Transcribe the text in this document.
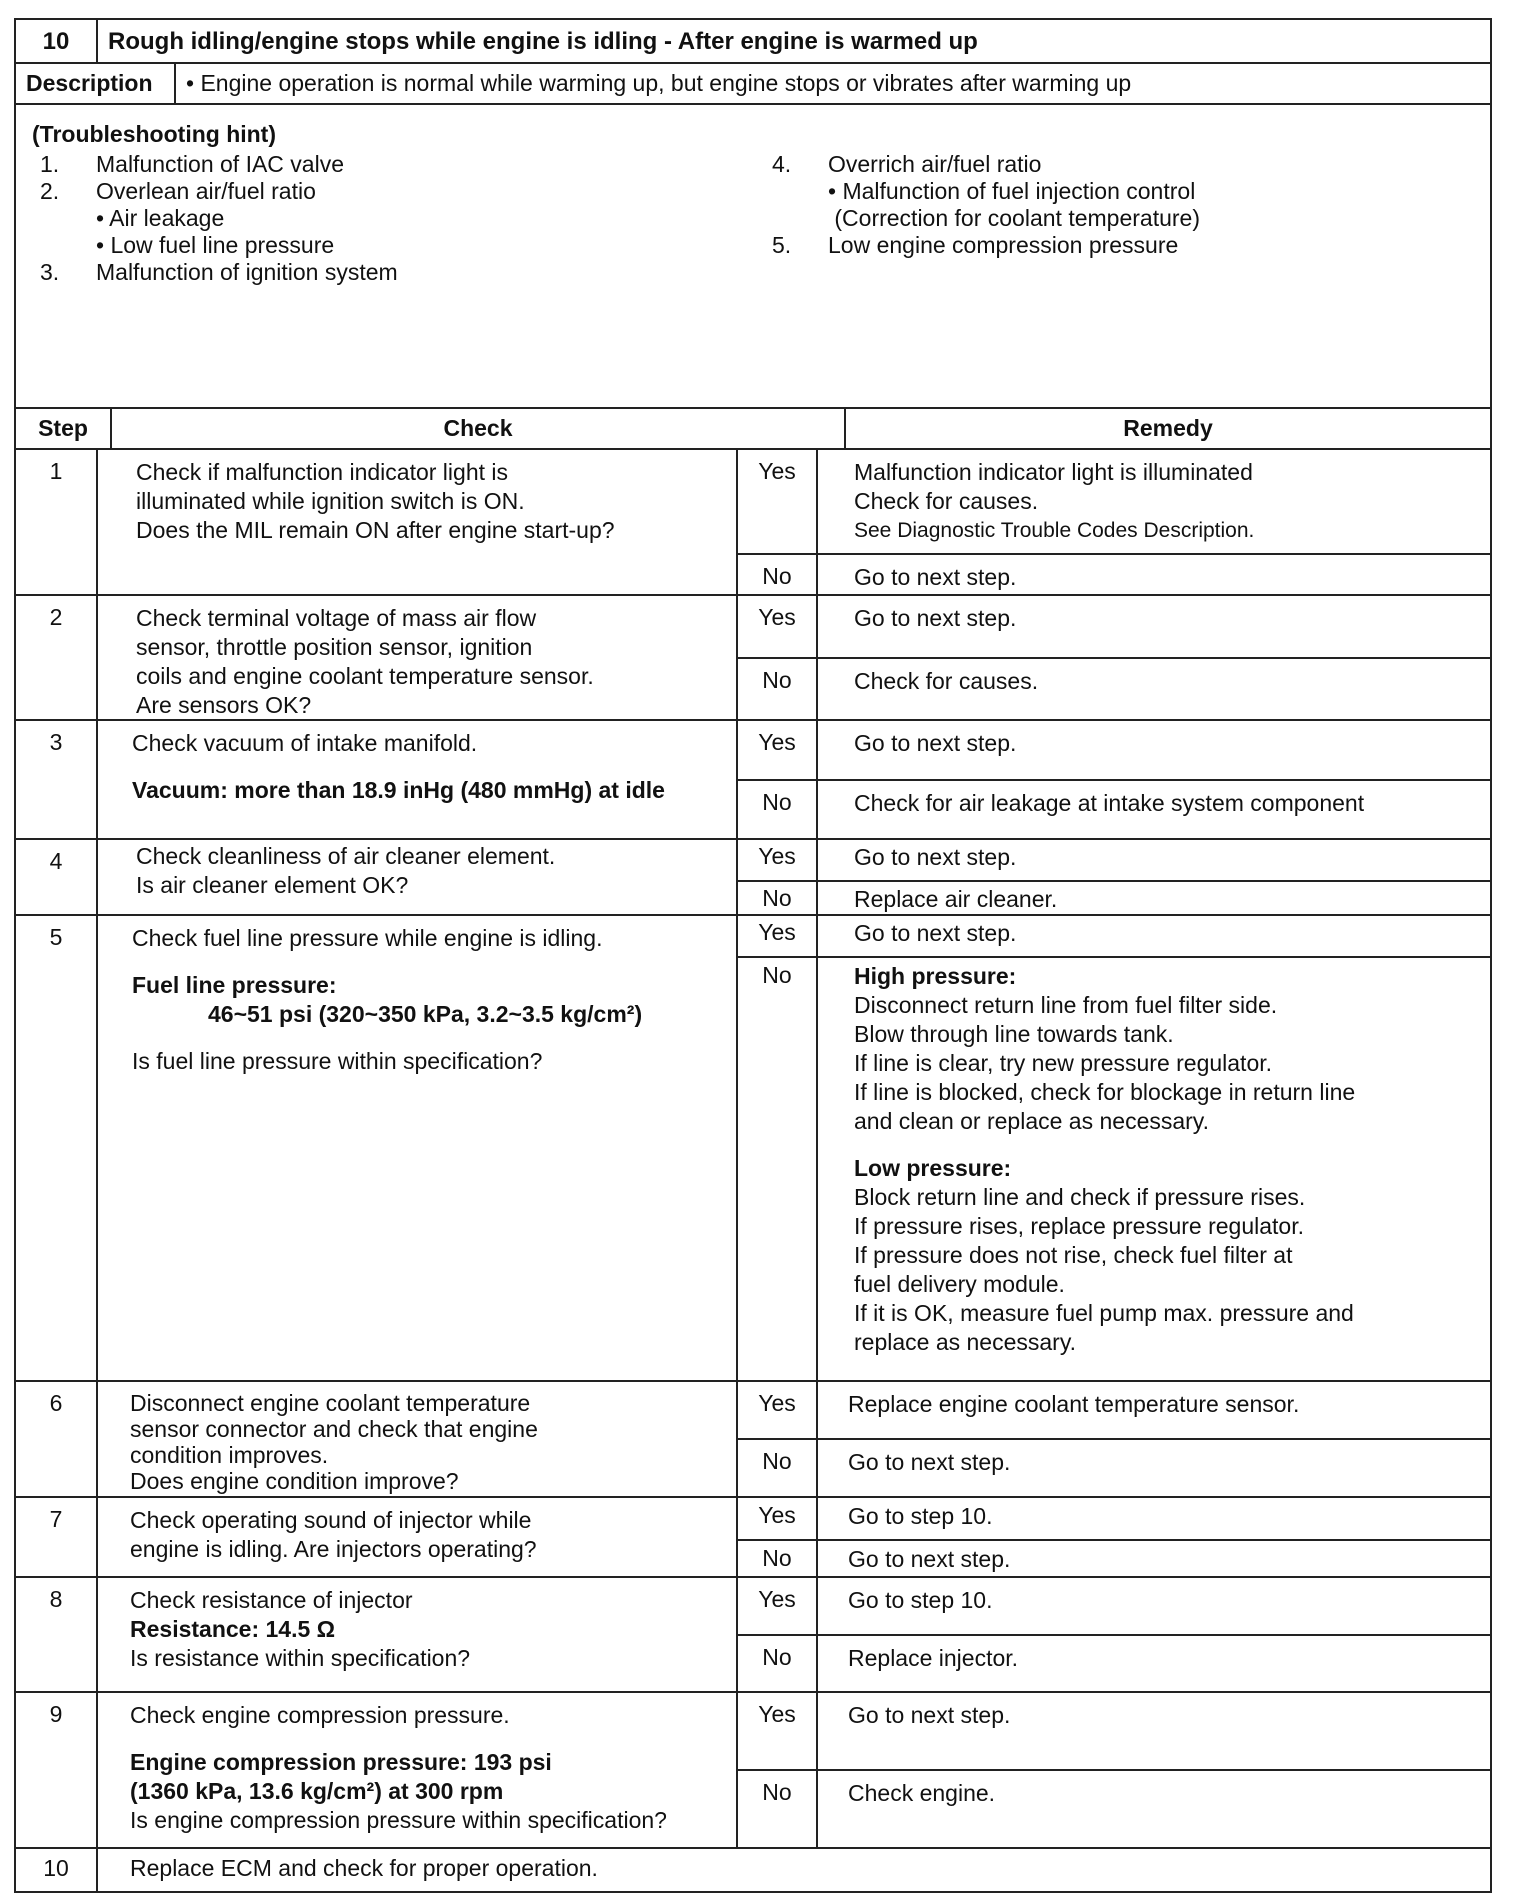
10	Rough idling/engine stops while engine is idling - After engine is warmed up
Description	• Engine operation is normal while warming up, but engine stops or vibrates after warming up
(Troubleshooting hint)
1. Malfunction of IAC valve
2. Overlean air/fuel ratio
• Air leakage
• Low fuel line pressure
3. Malfunction of ignition system
4. Overrich air/fuel ratio
• Malfunction of fuel injection control
(Correction for coolant temperature)
5. Low engine compression pressure
Step	Check	Remedy
1	Check if malfunction indicator light is
illuminated while ignition switch is ON.
Does the MIL remain ON after engine start-up?
Yes	Malfunction indicator light is illuminated
Check for causes.
See Diagnostic Trouble Codes Description.
No	Go to next step.
2	Check terminal voltage of mass air flow
sensor, throttle position sensor, ignition
coils and engine coolant temperature sensor.
Are sensors OK?
Yes	Go to next step.
No	Check for causes.
3	Check vacuum of intake manifold.
Vacuum: more than 18.9 inHg (480 mmHg) at idle
Yes	Go to next step.
No	Check for air leakage at intake system component
4	Check cleanliness of air cleaner element.
Is air cleaner element OK?
Yes	Go to next step.
No	Replace air cleaner.
5	Check fuel line pressure while engine is idling.
Fuel line pressure:
46~51 psi (320~350 kPa, 3.2~3.5 kg/cm²)
Is fuel line pressure within specification?
Yes	Go to next step.
No	High pressure:
Disconnect return line from fuel filter side.
Blow through line towards tank.
If line is clear, try new pressure regulator.
If line is blocked, check for blockage in return line
and clean or replace as necessary.
Low pressure:
Block return line and check if pressure rises.
If pressure rises, replace pressure regulator.
If pressure does not rise, check fuel filter at
fuel delivery module.
If it is OK, measure fuel pump max. pressure and
replace as necessary.
6	Disconnect engine coolant temperature
sensor connector and check that engine
condition improves.
Does engine condition improve?
Yes	Replace engine coolant temperature sensor.
No	Go to next step.
7	Check operating sound of injector while
engine is idling. Are injectors operating?
Yes	Go to step 10.
No	Go to next step.
8	Check resistance of injector
Resistance: 14.5 Ω
Is resistance within specification?
Yes	Go to step 10.
No	Replace injector.
9	Check engine compression pressure.
Engine compression pressure: 193 psi
(1360 kPa, 13.6 kg/cm²) at 300 rpm
Is engine compression pressure within specification?
Yes	Go to next step.
No	Check engine.
10	Replace ECM and check for proper operation.
